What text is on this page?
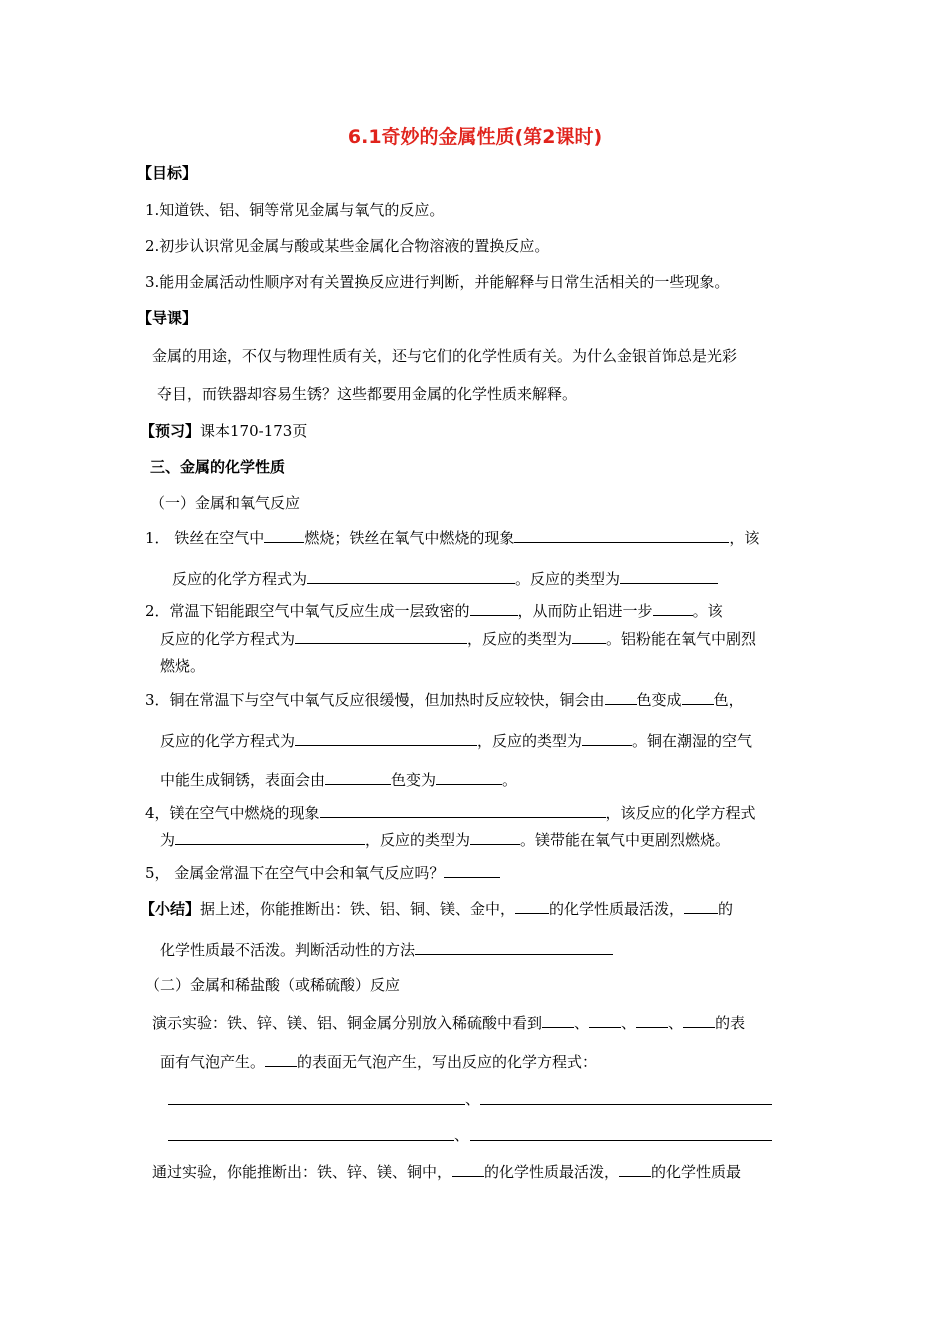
6.1奇妙的金属性质(第2课时)
【目标】
1.知道铁、铝、铜等常见金属与氧气的反应。
2.初步认识常见金属与酸或某些金属化合物溶液的置换反应。
3.能用金属活动性顺序对有关置换反应进行判断，并能解释与日常生活相关的一些现象。
【导课】
金属的用途，不仅与物理性质有关，还与它们的化学性质有关。为什么金银首饰总是光彩
夺目，而铁器却容易生锈？这些都要用金属的化学性质来解释。
【预习】课本170-173页
三、金属的化学性质
（一）金属和氧气反应
1． 铁丝在空气中	燃烧；铁丝在氧气中燃烧的现象	，该
反应的化学方程式为	。反应的类型为
2．常温下铝能跟空气中氧气反应生成一层致密的	，从而防止铝进一步	。该
反应的化学方程式为	，反应的类型为 。铝粉能在氧气中剧烈
燃烧。
3．铜在常温下与空气中氧气反应很缓慢，但加热时反应较快，铜会由 色变成 色，
反应的化学方程式为	，反应的类型为	。铜在潮湿的空气
中能生成铜锈，表面会由	色变为	。
4，镁在空气中燃烧的现象	，该反应的化学方程式
为	，反应的类型为	。镁带能在氧气中更剧烈燃烧。
5， 金属金常温下在空气中会和氧气反应吗？
【小结】据上述，你能推断出：铁、铝、铜、镁、金中， 的化学性质最活泼， 的
化学性质最不活泼。判断活动性的方法
（二）金属和稀盐酸（或稀硫酸）反应
演示实验：铁、锌、镁、铝、铜金属分别放入稀硫酸中看到 、 、 、 的表
面有气泡产生。 的表面无气泡产生，写出反应的化学方程式：
、
、
通过实验，你能推断出：铁、锌、镁、铜中， 的化学性质最活泼， 的化学性质最
